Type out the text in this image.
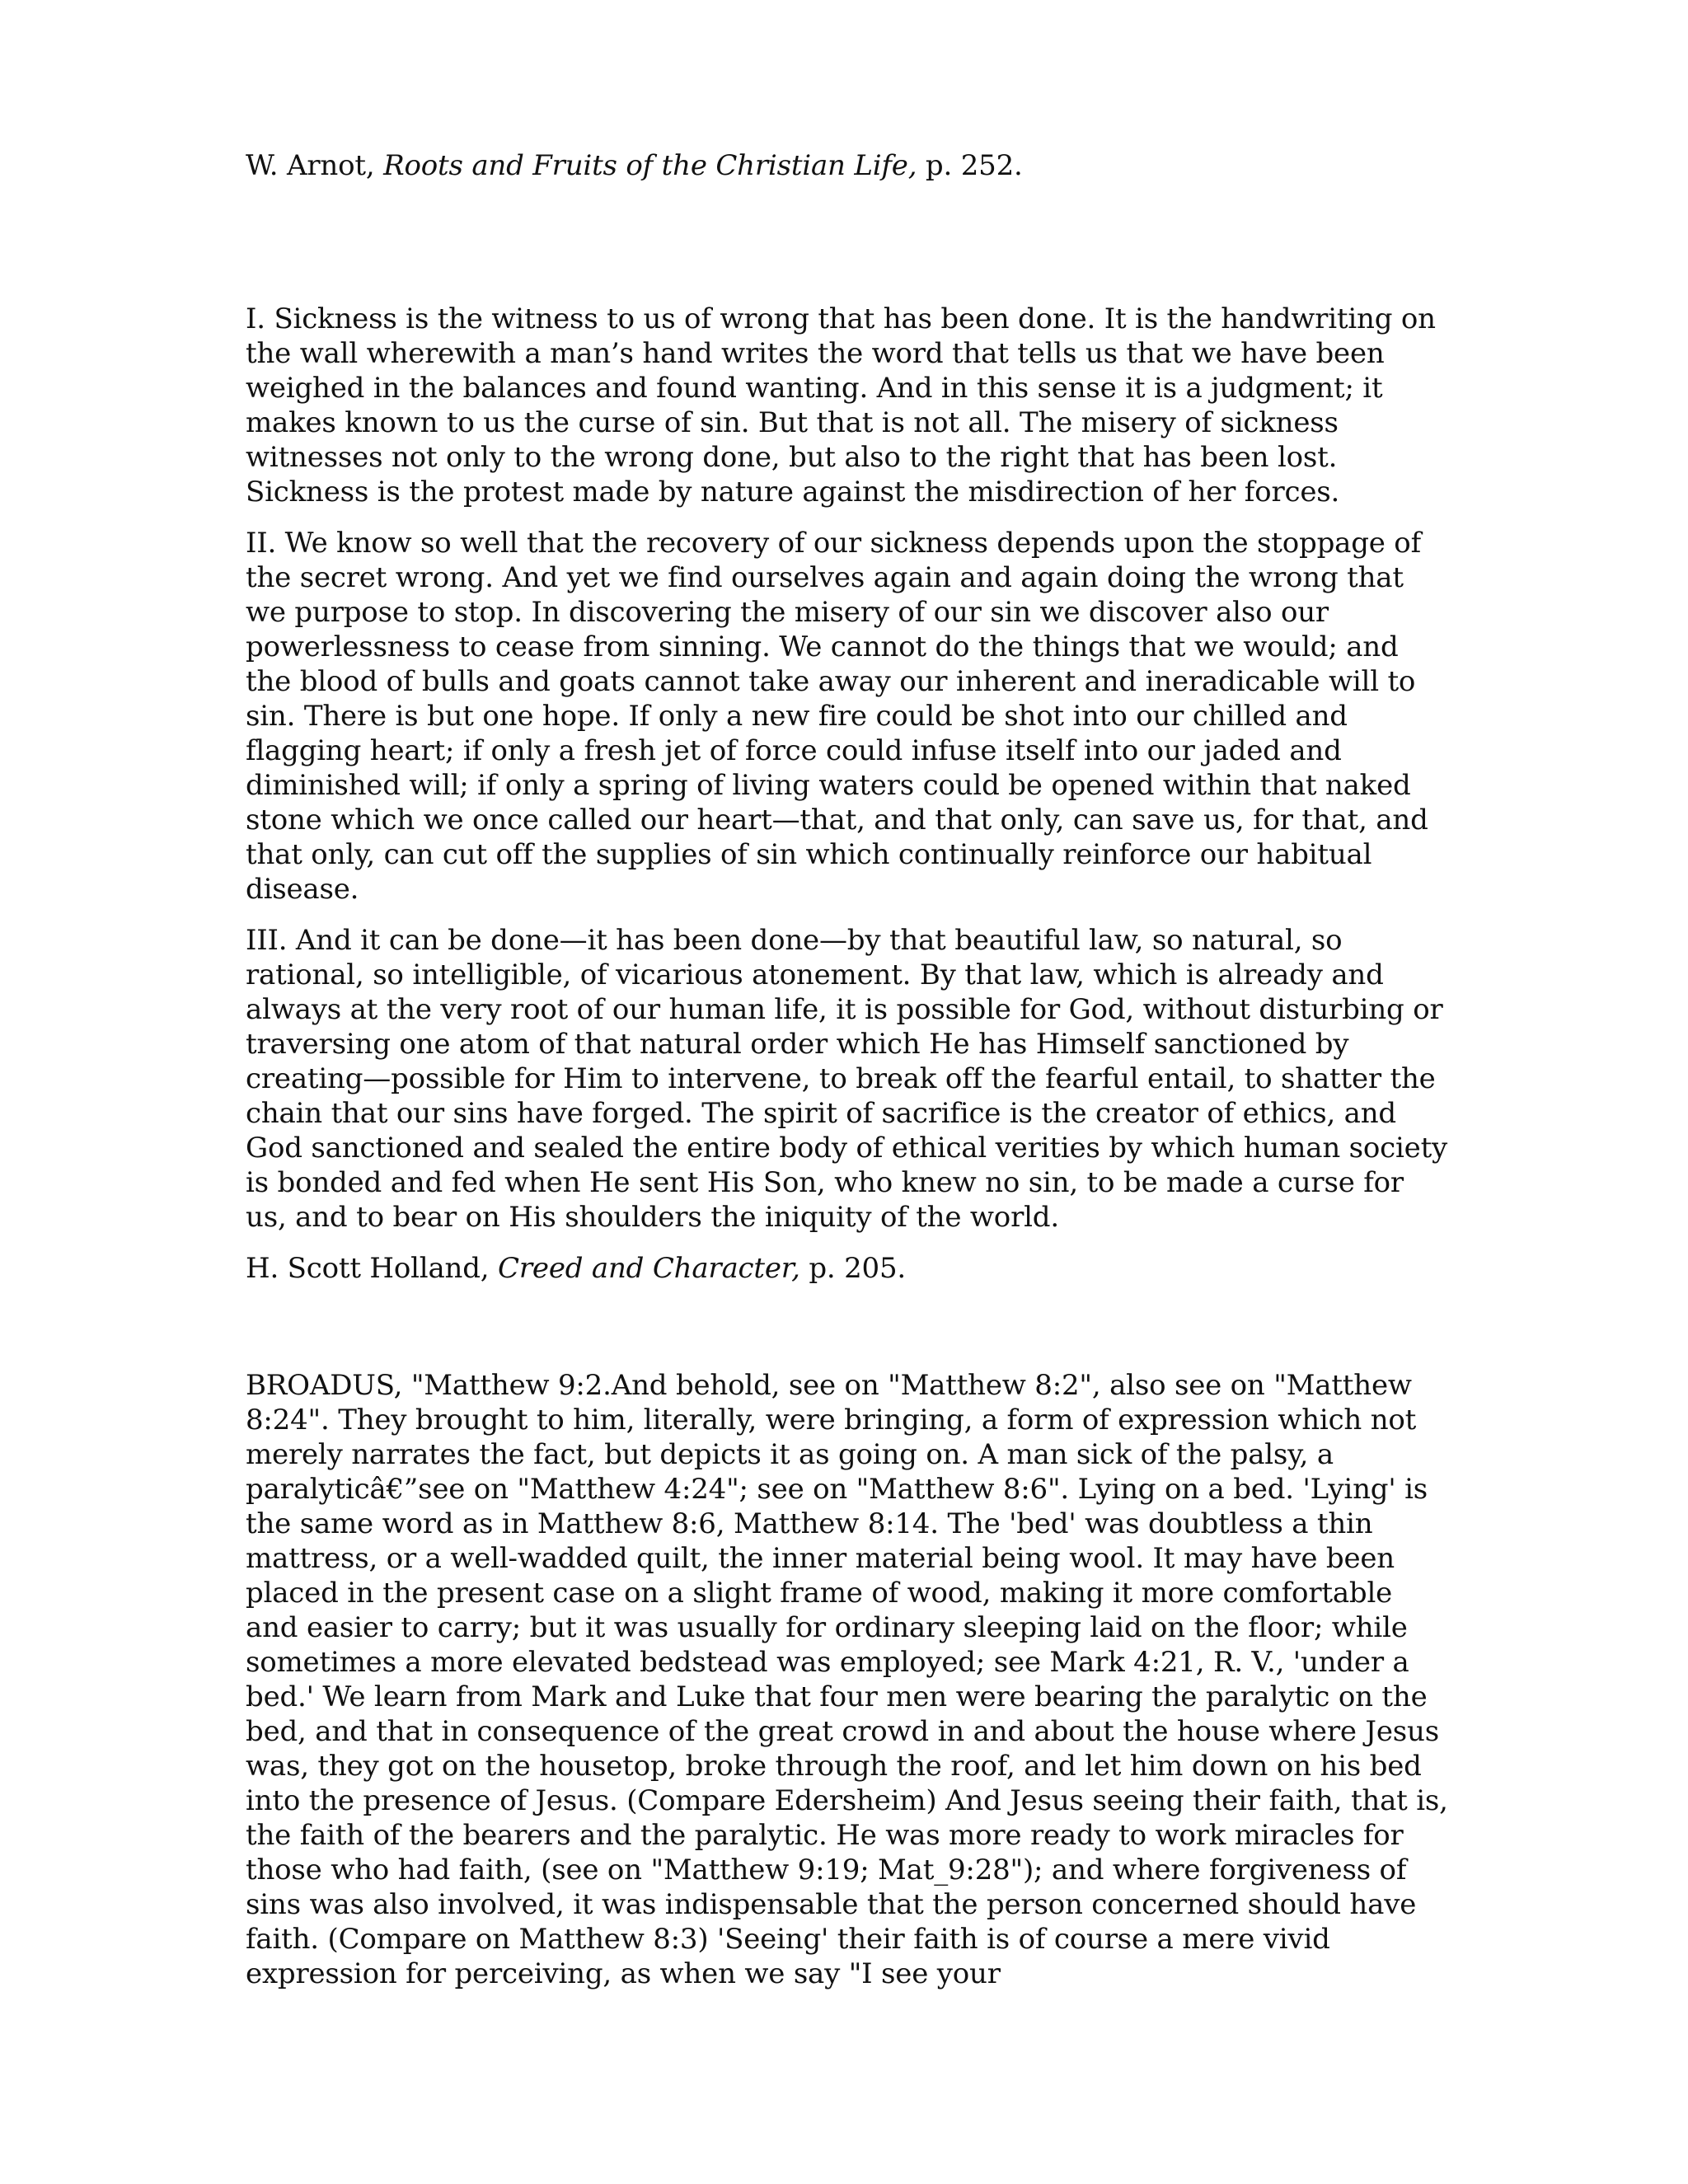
W. Arnot, Roots and Fruits of the Christian Life, p. 252.

I. Sickness is the witness to us of wrong that has been done. It is the handwriting on the wall wherewith a man’s hand writes the word that tells us that we have been weighed in the balances and found wanting. And in this sense it is a judgment; it makes known to us the curse of sin. But that is not all. The misery of sickness witnesses not only to the wrong done, but also to the right that has been lost. Sickness is the protest made by nature against the misdirection of her forces.

II. We know so well that the recovery of our sickness depends upon the stoppage of the secret wrong. And yet we find ourselves again and again doing the wrong that we purpose to stop. In discovering the misery of our sin we discover also our powerlessness to cease from sinning. We cannot do the things that we would; and the blood of bulls and goats cannot take away our inherent and ineradicable will to sin. There is but one hope. If only a new fire could be shot into our chilled and flagging heart; if only a fresh jet of force could infuse itself into our jaded and diminished will; if only a spring of living waters could be opened within that naked stone which we once called our heart—that, and that only, can save us, for that, and that only, can cut off the supplies of sin which continually reinforce our habitual disease.

III. And it can be done—it has been done—by that beautiful law, so natural, so rational, so intelligible, of vicarious atonement. By that law, which is already and always at the very root of our human life, it is possible for God, without disturbing or traversing one atom of that natural order which He has Himself sanctioned by creating—possible for Him to intervene, to break off the fearful entail, to shatter the chain that our sins have forged. The spirit of sacrifice is the creator of ethics, and God sanctioned and sealed the entire body of ethical verities by which human society is bonded and fed when He sent His Son, who knew no sin, to be made a curse for us, and to bear on His shoulders the iniquity of the world.

H. Scott Holland, Creed and Character, p. 205.

BROADUS, "Matthew 9:2.And behold, see on "Matthew 8:2", also see on "Matthew 8:24". They brought to him, literally, were bringing, a form of expression which not merely narrates the fact, but depicts it as going on. A man sick of the palsy, a paralyticâ€”see on "Matthew 4:24"; see on "Matthew 8:6". Lying on a bed. 'Lying' is the same word as in Matthew 8:6, Matthew 8:14. The 'bed' was doubtless a thin mattress, or a well-wadded quilt, the inner material being wool. It may have been placed in the present case on a slight frame of wood, making it more comfortable and easier to carry; but it was usually for ordinary sleeping laid on the floor; while sometimes a more elevated bedstead was employed; see Mark 4:21, R. V., 'under a bed.' We learn from Mark and Luke that four men were bearing the paralytic on the bed, and that in consequence of the great crowd in and about the house where Jesus was, they got on the housetop, broke through the roof, and let him down on his bed into the presence of Jesus. (Compare Edersheim) And Jesus seeing their faith, that is, the faith of the bearers and the paralytic. He was more ready to work miracles for those who had faith, (see on "Matthew 9:19; Mat_9:28"); and where forgiveness of sins was also involved, it was indispensable that the person concerned should have faith. (Compare on Matthew 8:3) 'Seeing' their faith is of course a mere vivid expression for perceiving, as when we say "I see your
